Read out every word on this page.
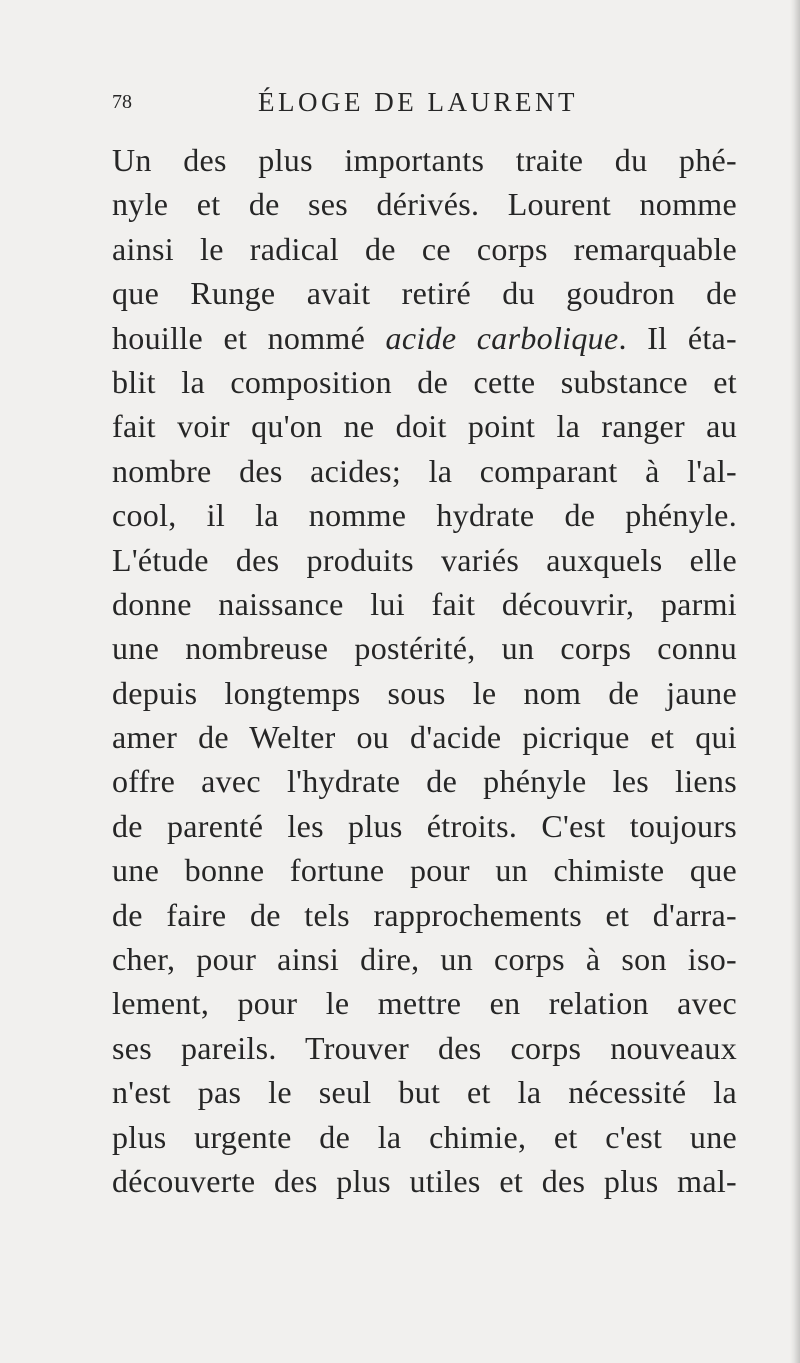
78	ÉLOGE DE LAURENT
Un des plus importants traite du phé-
nyle et de ses dérivés. Lourent nomme
ainsi le radical de ce corps remarquable
que Runge avait retiré du goudron de
houille et nommé acide carbolique. Il éta-
blit la composition de cette substance et
fait voir qu'on ne doit point la ranger au
nombre des acides; la comparant à l'al-
cool, il la nomme hydrate de phényle.
L'étude des produits variés auxquels elle
donne naissance lui fait découvrir, parmi
une nombreuse postérité, un corps connu
depuis longtemps sous le nom de jaune
amer de Welter ou d'acide picrique et qui
offre avec l'hydrate de phényle les liens
de parenté les plus étroits. C'est toujours
une bonne fortune pour un chimiste que
de faire de tels rapprochements et d'arra-
cher, pour ainsi dire, un corps à son iso-
lement, pour le mettre en relation avec
ses pareils. Trouver des corps nouveaux
n'est pas le seul but et la nécessité la
plus urgente de la chimie, et c'est une
découverte des plus utiles et des plus mal-
